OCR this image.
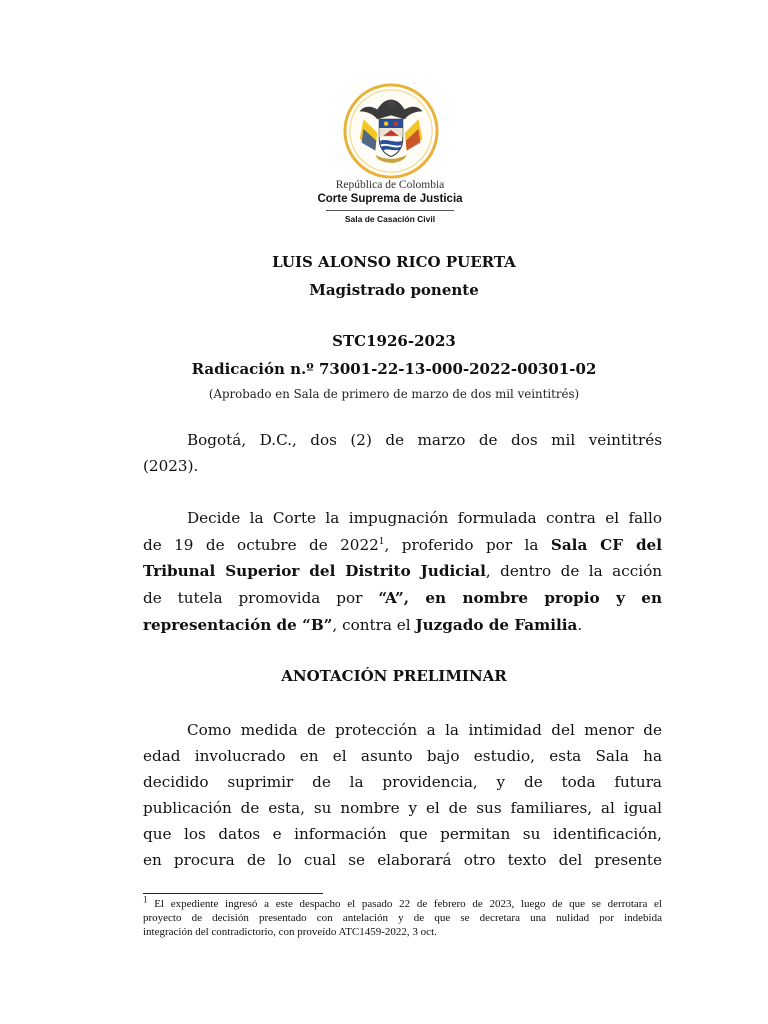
República de Colombia
Corte Suprema de Justicia
Sala de Casación Civil
LUIS ALONSO RICO PUERTA
Magistrado ponente
STC1926-2023
Radicación n.º 73001-22-13-000-2022-00301-02
(Aprobado en Sala de primero de marzo de dos mil veintitrés)
Bogotá, D.C., dos (2) de marzo de dos mil veintitrés
(2023).
Decide la Corte la impugnación formulada contra el fallo
de 19 de octubre de 2022$^1$, proferido por la Sala CF del
Tribunal Superior del Distrito Judicial, dentro de la acción
de tutela promovida por “A”, en nombre propio y en
representación de “B”, contra el Juzgado de Familia.
ANOTACIÓN PRELIMINAR
Como medida de protección a la intimidad del menor de
edad involucrado en el asunto bajo estudio, esta Sala ha
decidido suprimir de la providencia, y de toda futura
publicación de esta, su nombre y el de sus familiares, al igual
que los datos e información que permitan su identificación,
en procura de lo cual se elaborará otro texto del presente
$^1$ El expediente ingresó a este despacho el pasado 22 de febrero de 2023, luego de que se derrotara el
proyecto de decisión presentado con antelación y de que se decretara una nulidad por indebida
integración del contradictorio, con proveído ATC1459-2022, 3 oct.
